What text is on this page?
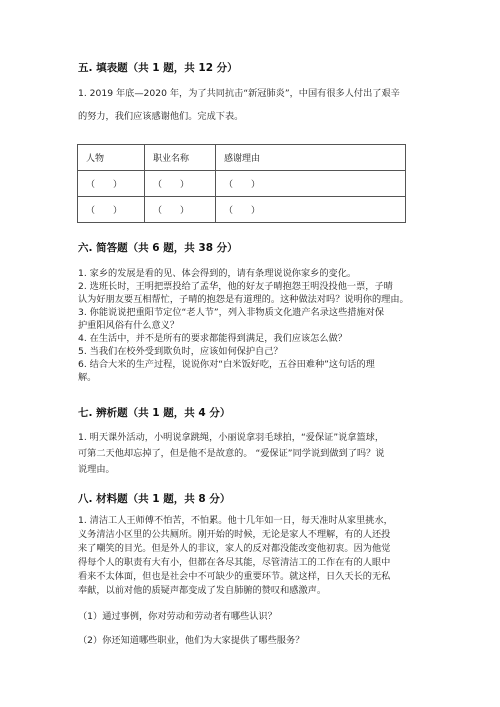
五. 填表题（共 1 题，共 12 分）
1. 2019 年底—2020 年，为了共同抗击“新冠肺炎”，中国有很多人付出了艰辛
的努力，我们应该感谢他们。完成下表。
人物	职业名称	感谢理由
（　　）	（　　）	（　　）
（　　）	（　　）	（　　）
六. 简答题（共 6 题，共 38 分）
1. 家乡的发展是看的见、体会得到的，请有条理说说你家乡的变化。
2. 选班长时，王明把票投给了孟华，他的好友子晴抱怨王明没投他一票，子晴
认为好朋友要互相帮忙，子晴的抱怨是有道理的。这种做法对吗？说明你的理由。
3. 你能说说把重阳节定位“老人节”，列入非物质文化遗产名录这些措施对保
护重阳风俗有什么意义？
4. 在生活中，并不是所有的要求都能得到满足，我们应该怎么做？
5. 当我们在校外受到欺负时，应该如何保护自己？
6. 结合大米的生产过程，说说你对“白米饭好吃，五谷田难种”这句话的理
解。
七. 辨析题（共 1 题，共 4 分）
1. 明天课外活动，小明说拿跳绳，小丽说拿羽毛球拍，“爱保证”说拿篮球，
可第二天他却忘掉了，但是他不是故意的。 “爱保证”同学说到做到了吗？说
说理由。
八. 材料题（共 1 题，共 8 分）
1. 清洁工人王师傅不怕苦，不怕累。他十几年如一日，每天准时从家里挑水，
义务清洁小区里的公共厕所。刚开始的时候，无论是家人不理解，有的人还投
来了嘲笑的目光。但是外人的非议，家人的反对都没能改变他初衷。因为他觉
得每个人的职责有大有小，但都在各尽其能，尽管清洁工的工作在有的人眼中
看来不太体面，但也是社会中不可缺少的重要环节。就这样，日久天长的无私
奉献，以前对他的质疑声都变成了发自肺腑的赞叹和感激声。
（1）通过事例，你对劳动和劳动者有哪些认识？
（2）你还知道哪些职业，他们为大家提供了哪些服务？
